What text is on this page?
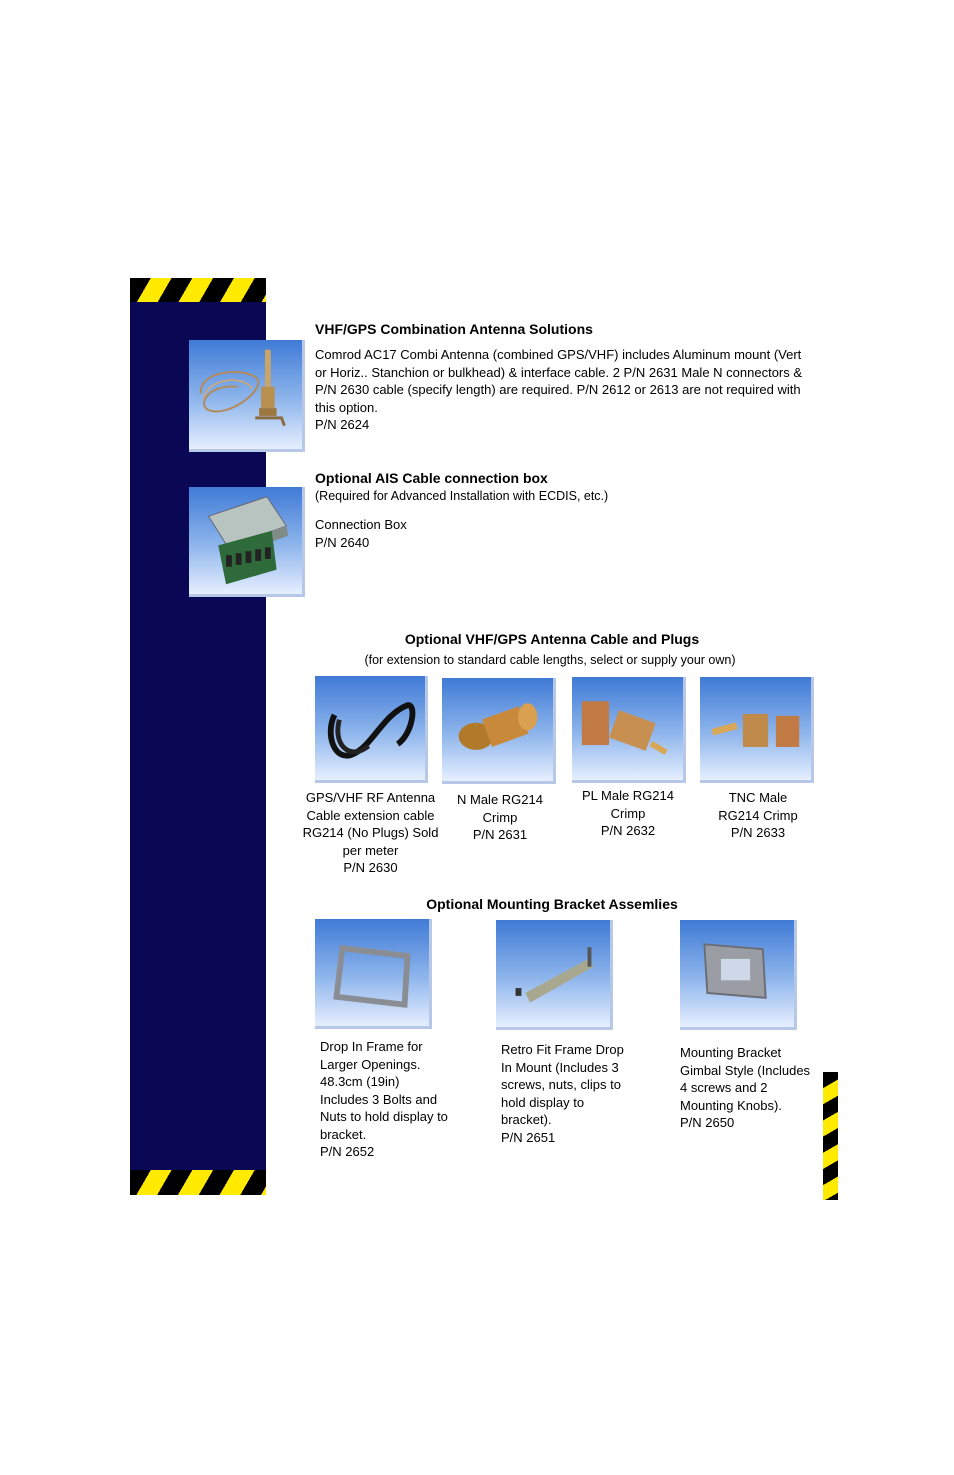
VHF/GPS Combination Antenna Solutions
Comrod AC17 Combi Antenna (combined GPS/VHF) includes Aluminum mount (Vert or Horiz.. Stanchion or bulkhead) & interface cable. 2 P/N 2631 Male N connectors & P/N 2630 cable (specify length) are required. P/N 2612 or 2613 are not required with this option.
P/N 2624
Optional AIS Cable connection box
(Required for Advanced Installation with ECDIS, etc.)
Connection Box
P/N 2640
Optional VHF/GPS Antenna Cable and Plugs
(for extension to standard cable lengths, select or supply your own)
GPS/VHF RF Antenna Cable extension cable RG214 (No Plugs) Sold per meter
P/N 2630
N Male RG214 Crimp
P/N 2631
PL Male RG214 Crimp
P/N 2632
TNC Male RG214 Crimp
P/N 2633
Optional Mounting Bracket Assemlies
Drop In Frame for Larger Openings. 48.3cm (19in) Includes 3 Bolts and Nuts to hold display to bracket.
P/N 2652
Retro Fit Frame Drop In Mount (Includes 3 screws, nuts, clips to hold display to bracket).
P/N 2651
Mounting Bracket Gimbal Style (Includes 4 screws and 2 Mounting Knobs).
P/N 2650
